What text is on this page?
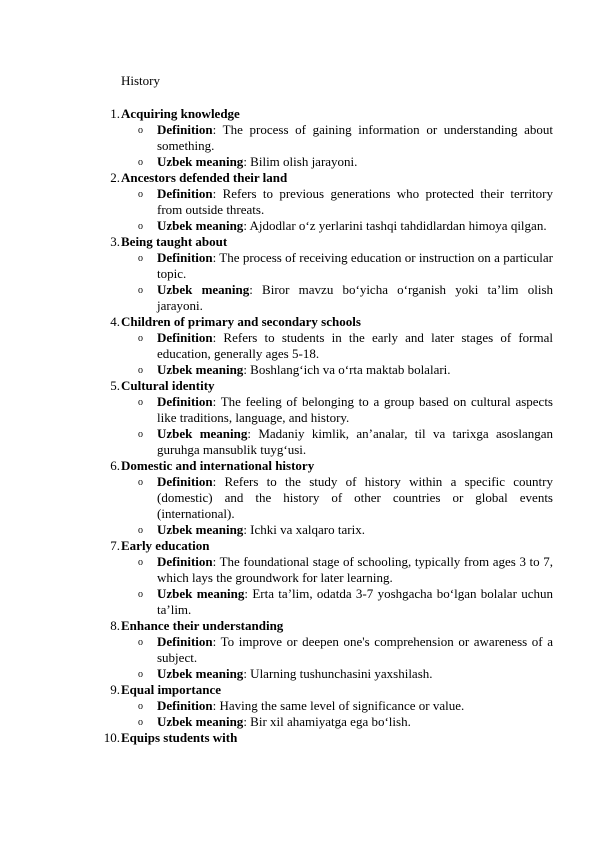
History
1. Acquiring knowledge
o Definition: The process of gaining information or understanding about something.
o Uzbek meaning: Bilim olish jarayoni.
2. Ancestors defended their land
o Definition: Refers to previous generations who protected their territory from outside threats.
o Uzbek meaning: Ajdodlar o‘z yerlarini tashqi tahdidlardan himoya qilgan.
3. Being taught about
o Definition: The process of receiving education or instruction on a particular topic.
o Uzbek meaning: Biror mavzu bo‘yicha o‘rganish yoki ta’lim olish jarayoni.
4. Children of primary and secondary schools
o Definition: Refers to students in the early and later stages of formal education, generally ages 5-18.
o Uzbek meaning: Boshlang‘ich va o‘rta maktab bolalari.
5. Cultural identity
o Definition: The feeling of belonging to a group based on cultural aspects like traditions, language, and history.
o Uzbek meaning: Madaniy kimlik, an’analar, til va tarixga asoslangan guruhga mansublik tuyg‘usi.
6. Domestic and international history
o Definition: Refers to the study of history within a specific country (domestic) and the history of other countries or global events (international).
o Uzbek meaning: Ichki va xalqaro tarix.
7. Early education
o Definition: The foundational stage of schooling, typically from ages 3 to 7, which lays the groundwork for later learning.
o Uzbek meaning: Erta ta’lim, odatda 3-7 yoshgacha bo‘lgan bolalar uchun ta’lim.
8. Enhance their understanding
o Definition: To improve or deepen one's comprehension or awareness of a subject.
o Uzbek meaning: Ularning tushunchasini yaxshilash.
9. Equal importance
o Definition: Having the same level of significance or value.
o Uzbek meaning: Bir xil ahamiyatga ega bo‘lish.
10. Equips students with
